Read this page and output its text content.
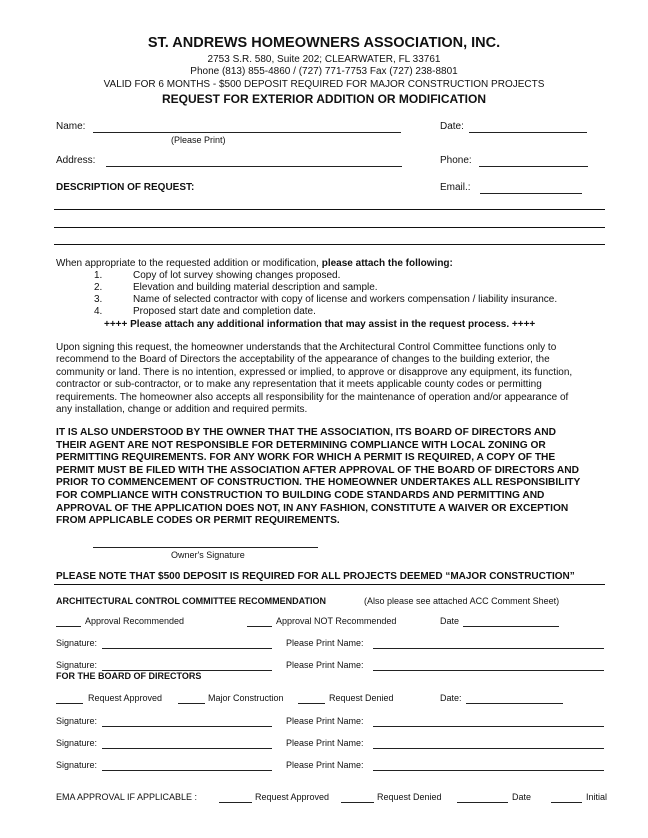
ST. ANDREWS HOMEOWNERS ASSOCIATION, INC.
2753 S.R. 580, Suite 202; CLEARWATER, FL 33761
Phone (813) 855-4860 / (727) 771-7753 Fax (727) 238-8801
VALID FOR 6 MONTHS - $500 DEPOSIT REQUIRED FOR MAJOR CONSTRUCTION PROJECTS
REQUEST FOR EXTERIOR ADDITION OR MODIFICATION
Name:
(Please Print)
Date:
Address:	Phone:
DESCRIPTION OF REQUEST:	Email.:
When appropriate to the requested addition or modification, please attach the following:
1.	Copy of lot survey showing changes proposed.
2.	Elevation and building material description and sample.
3.	Name of selected contractor with copy of license and workers compensation / liability insurance.
4.	Proposed start date and completion date.
++++ Please attach any additional information that may assist in the request process. ++++
Upon signing this request, the homeowner understands that the Architectural Control Committee functions only to
recommend to the Board of Directors the acceptability of the appearance of changes to the building exterior, the
community or land. There is no intention, expressed or implied, to approve or disapprove any equipment, its function,
contractor or sub-contractor, or to make any representation that it meets applicable county codes or permitting
requirements. The homeowner also accepts all responsibility for the maintenance of operation and/or appearance of
any installation, change or addition and required permits.
IT IS ALSO UNDERSTOOD BY THE OWNER THAT THE ASSOCIATION, ITS BOARD OF DIRECTORS AND
THEIR AGENT ARE NOT RESPONSIBLE FOR DETERMINING COMPLIANCE WITH LOCAL ZONING OR
PERMITTING REQUIREMENTS. FOR ANY WORK FOR WHICH A PERMIT IS REQUIRED, A COPY OF THE
PERMIT MUST BE FILED WITH THE ASSOCIATION AFTER APPROVAL OF THE BOARD OF DIRECTORS AND
PRIOR TO COMMENCEMENT OF CONSTRUCTION. THE HOMEOWNER UNDERTAKES ALL RESPONSIBILITY
FOR COMPLIANCE WITH CONSTRUCTION TO BUILDING CODE STANDARDS AND PERMITTING AND
APPROVAL OF THE APPLICATION DOES NOT, IN ANY FASHION, CONSTITUTE A WAIVER OR EXCEPTION
FROM APPLICABLE CODES OR PERMIT REQUIREMENTS.
Owner's Signature
PLEASE NOTE THAT $500 DEPOSIT IS REQUIRED FOR ALL PROJECTS DEEMED “MAJOR CONSTRUCTION”
ARCHITECTURAL CONTROL COMMITTEE RECOMMENDATION	(Also please see attached ACC Comment Sheet)
Approval Recommended	Approval NOT Recommended	Date
Signature:	Please Print Name:
Signature:	Please Print Name:
FOR THE BOARD OF DIRECTORS
Request Approved	Major Construction	Request Denied	Date:
Signature:	Please Print Name:
Signature:	Please Print Name:
Signature:	Please Print Name:
EMA APPROVAL IF APPLICABLE :	Request Approved	Request Denied	Date	Initial
